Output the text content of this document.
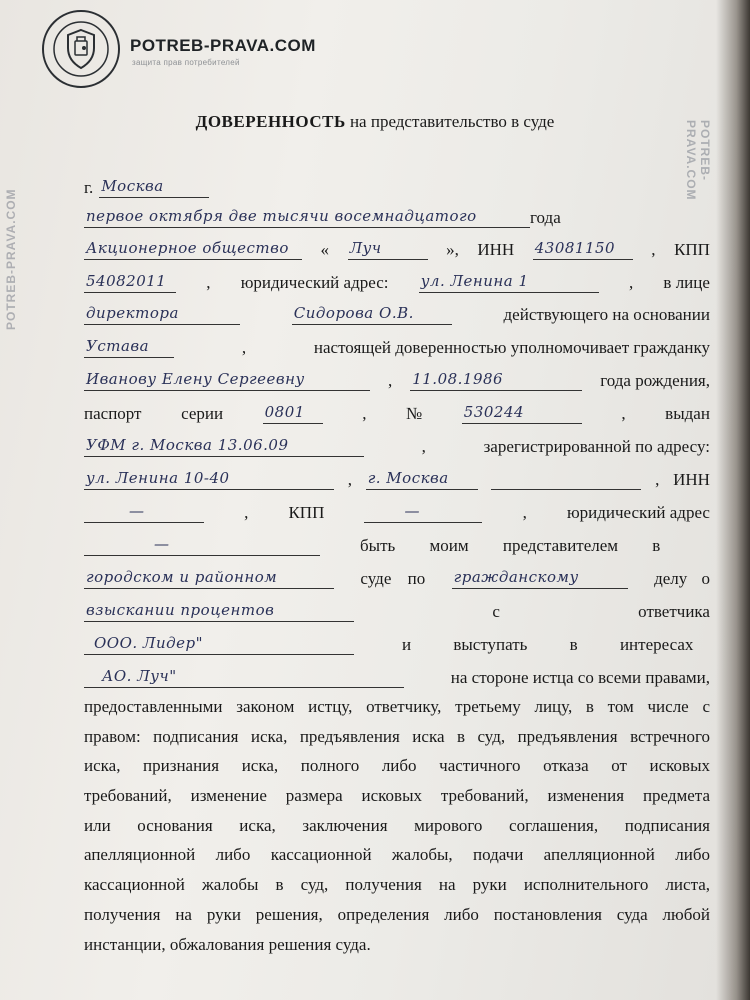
POTREB-PRAVA.COM
защита прав потребителей
ДОВЕРЕННОСТЬ на представительство в суде
г. Москва
первое октября две тысячи восемнадцатого	года
Акционерное общество « Луч	», ИНН 43081150 , КПП
54082011 , юридический адрес: ул. Ленина 1	, в лице
директора	Сидорова О.В.	действующего на основании
Устава	,	настоящей доверенностью уполномочивает гражданку
Иванову Елену Сергеевну	, 11.08.1986	года рождения,
паспорт серии	0801	, №	530244	, выдан
УФМ г. Москва 13.06.09	,	зарегистрированной по адресу:
ул. Ленина 10-40	, г. Москва	, ИНН
—	, КПП	—	, юридический адрес
—	быть моим представителем в
городском и районном	суде по гражданскому	делу о
взыскании процентов	с	ответчика
ООО. Лидер"	и выступать в интересах
АО. Луч"	на стороне истца со всеми правами,
предоставленными законом истцу, ответчику, третьему лицу, в том числе с
правом: подписания иска, предъявления иска в суд, предъявления встречного
иска, признания иска, полного либо частичного отказа от исковых
требований, изменение размера исковых требований, изменения предмета
или основания иска, заключения мирового соглашения, подписания
апелляционной либо кассационной жалобы, подачи апелляционной либо
кассационной жалобы в суд, получения на руки исполнительного листа,
получения на руки решения, определения либо постановления суда любой
инстанции, обжалования решения суда.
POTREB-PRAVA.COM
POTREB-PRAVA.COM
